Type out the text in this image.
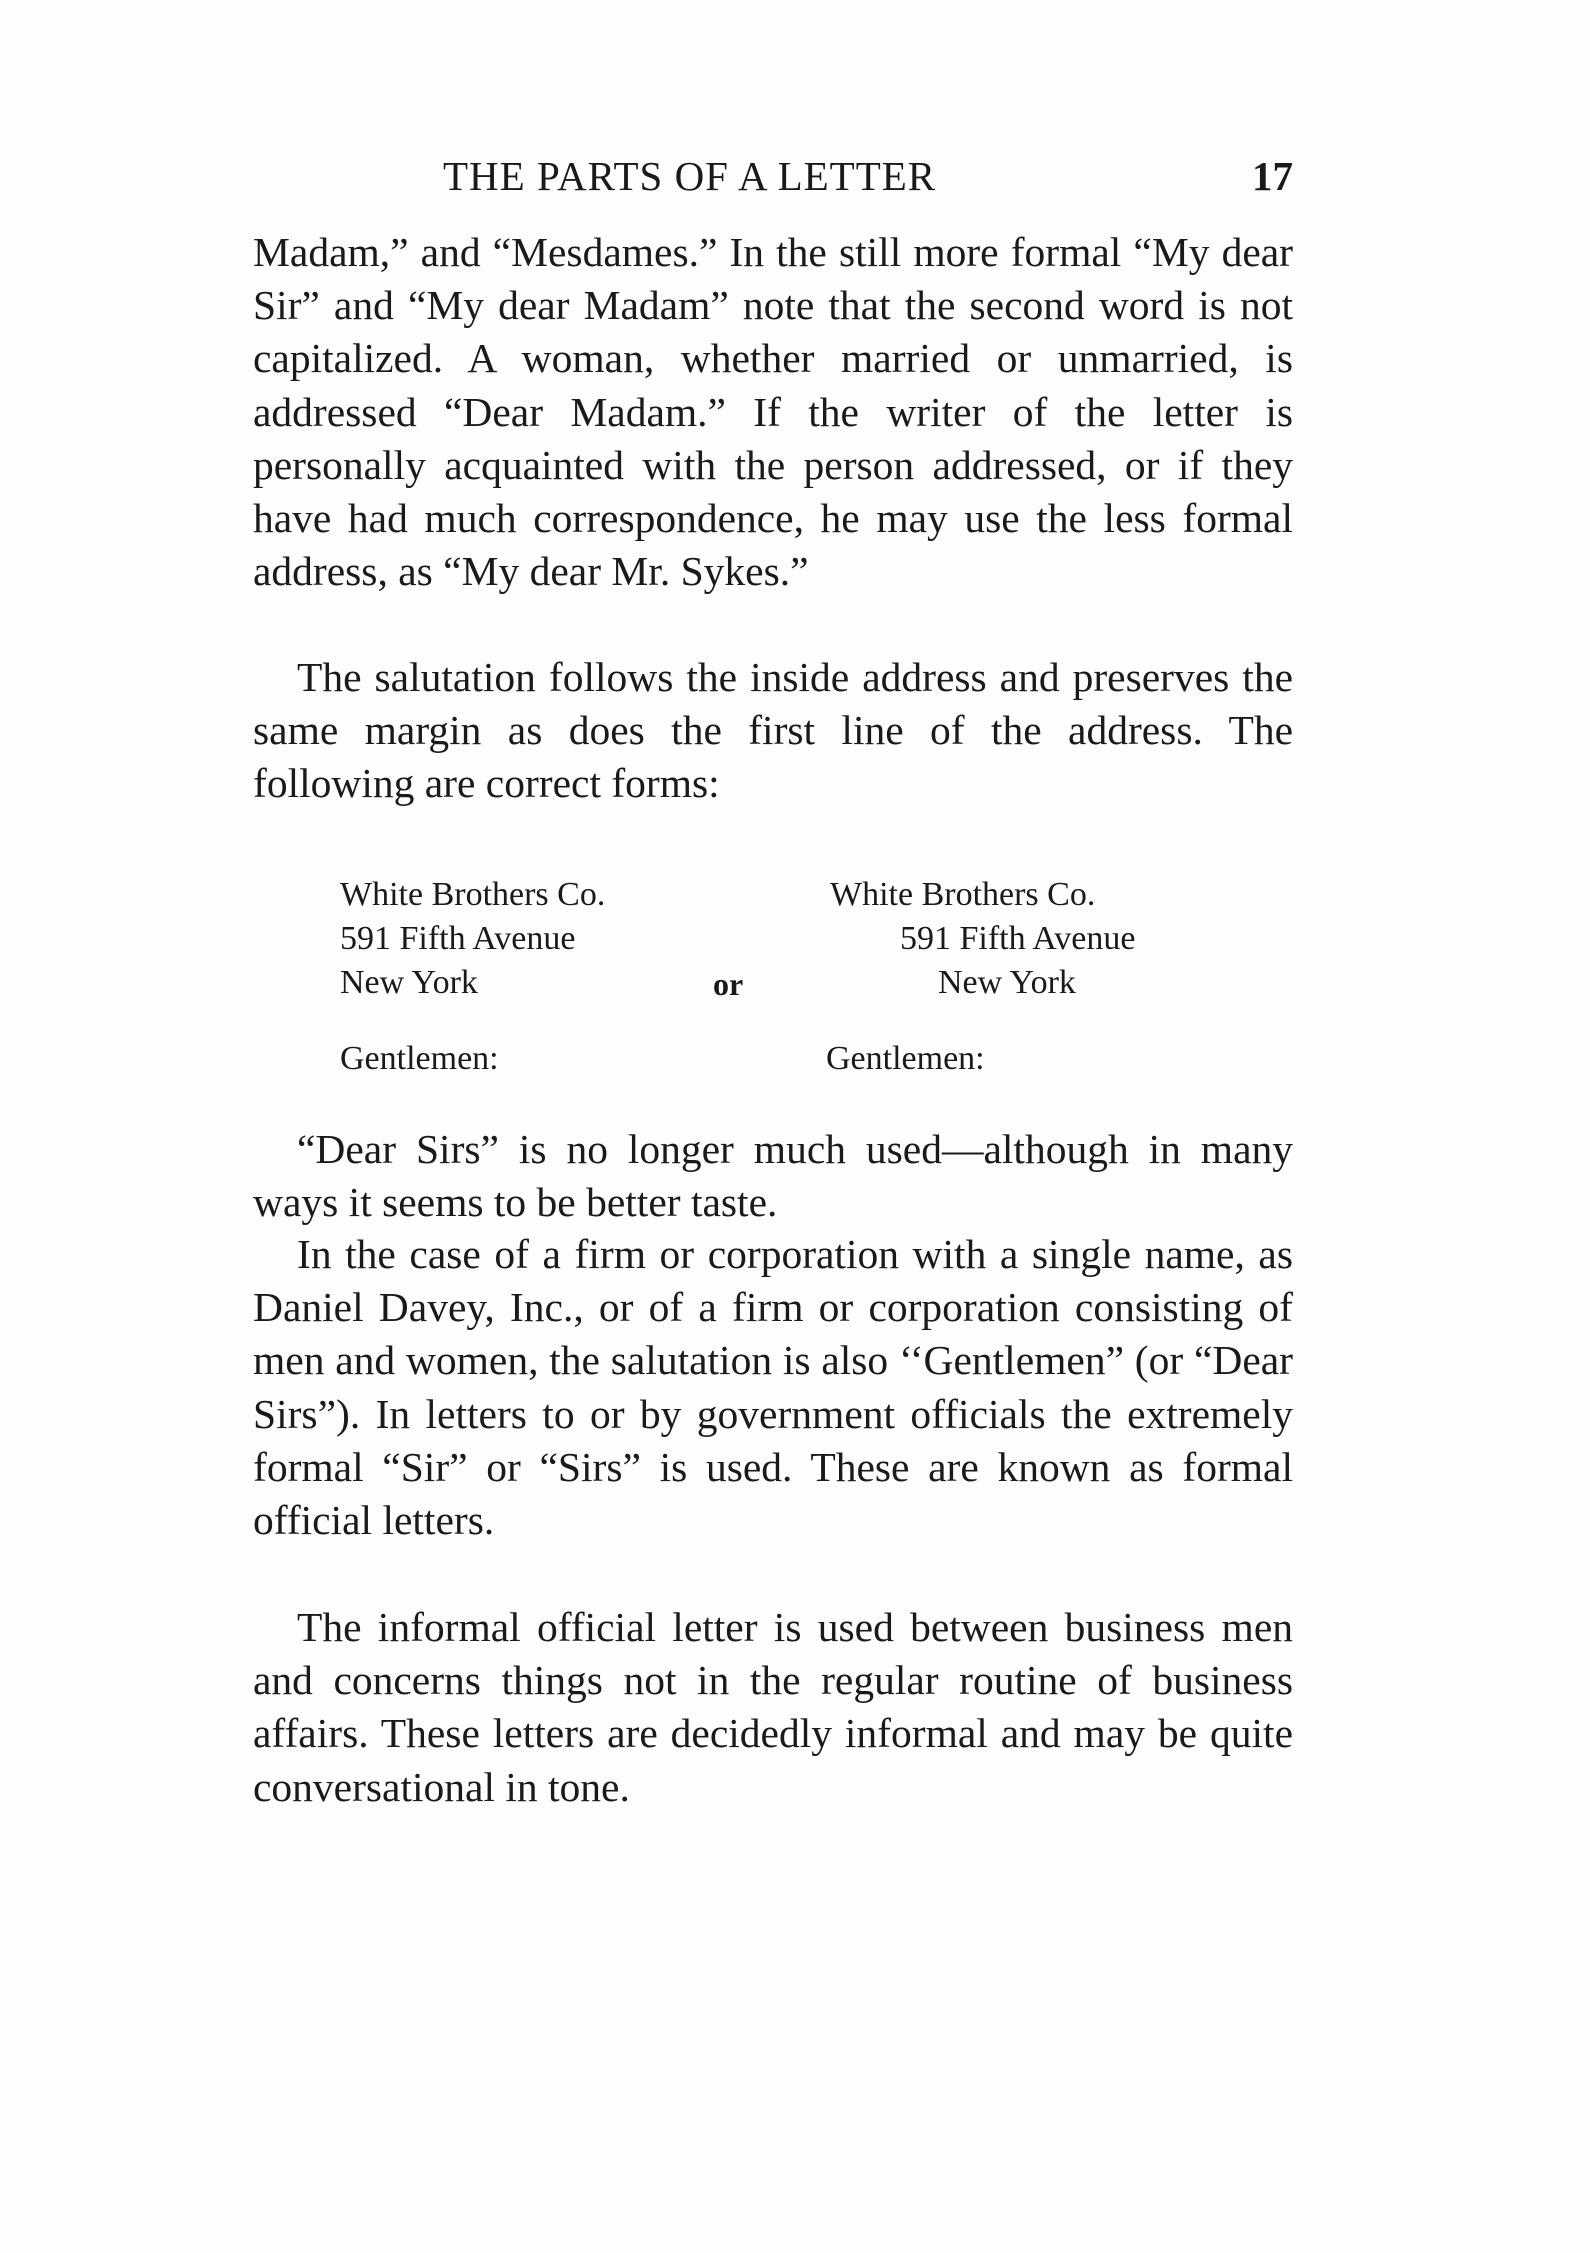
THE PARTS OF A LETTER	17

Madam,” and “Mesdames.” In the still more formal “My dear Sir” and “My dear Madam” note that the second word is not capitalized. A woman, whether married or unmarried, is addressed “Dear Madam.” If the writer of the letter is personally acquainted with the person addressed, or if they have had much correspondence, he may use the less formal address, as “My dear Mr. Sykes.”

The salutation follows the inside address and preserves the same margin as does the first line of the address. The following are correct forms:

White Brothers Co.
591 Fifth Avenue
New York
Gentlemen:
or
White Brothers Co.
591 Fifth Avenue
New York
Gentlemen:

“Dear Sirs” is no longer much used—although in many ways it seems to be better taste.

In the case of a firm or corporation with a single name, as Daniel Davey, Inc., or of a firm or corporation consisting of men and women, the salutation is also ‘‘Gentlemen” (or “Dear Sirs”). In letters to or by government officials the extremely formal “Sir” or “Sirs” is used. These are known as formal official letters.

The informal official letter is used between business men and concerns things not in the regular routine of business affairs. These letters are decidedly informal and may be quite conversational in tone.
